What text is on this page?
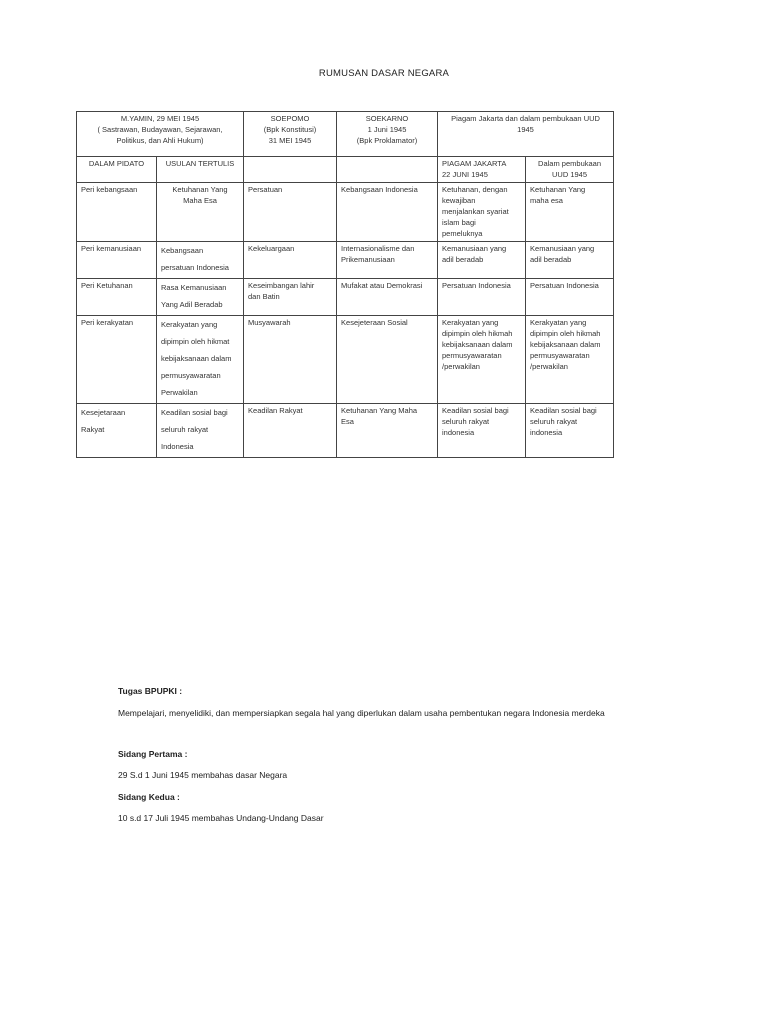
RUMUSAN DASAR NEGARA
M.YAMIN, 29 MEI 1945
( Sastrawan, Budayawan, Sejarawan,
Politikus, dan Ahli Hukum)		SOEPOMO
(Bpk Konstitusi)
31 MEI 1945	SOEKARNO
1 Juni 1945
(Bpk Proklamator)	Piagam Jakarta dan dalam pembukaan UUD
1945	

DALAM PIDATO	USULAN TERTULIS			PIAGAM JAKARTA
22 JUNI 1945	Dalam pembukaan
UUD 1945

Peri kebangsaan	Ketuhanan Yang
Maha Esa	Persatuan	Kebangsaan Indonesia	Ketuhanan, dengan
kewajiban
menjalankan syariat
islam bagi
pemeluknya	Ketuhanan Yang
maha esa

Peri kemanusiaan	Kebangsaan
persatuan Indonesia	Kekeluargaan	Internasionalisme dan
Prikemanusiaan	Kemanusiaan yang
adil beradab	Kemanusiaan yang
adil beradab

Peri Ketuhanan	Rasa Kemanusiaan
Yang Adil Beradab	Keseimbangan lahir
dan Batin	Mufakat atau Demokrasi	Persatuan Indonesia	Persatuan Indonesia

Peri kerakyatan	Kerakyatan yang
dipimpin oleh hikmat
kebijaksanaan dalam
permusyawaratan
Perwakilan	Musyawarah	Kesejeteraan Sosial	Kerakyatan yang
dipimpin oleh hikmah
kebijaksanaan dalam
permusyawaratan
/perwakilan	Kerakyatan yang
dipimpin oleh hikmah
kebijaksanaan dalam
permusyawaratan
/perwakilan

Kesejetaraan
Rakyat	Keadilan sosial bagi
seluruh rakyat
Indonesia	Keadilan Rakyat	Ketuhanan Yang Maha
Esa	Keadilan sosial bagi
seluruh rakyat
indonesia	Keadilan sosial bagi
seluruh rakyat
indonesia
Tugas BPUPKI :
Mempelajari, menyelidiki, dan mempersiapkan segala hal yang diperlukan dalam usaha pembentukan negara Indonesia merdeka
Sidang Pertama :
29 S.d 1 Juni 1945 membahas dasar Negara
Sidang Kedua :
10 s.d 17 Juli 1945 membahas Undang-Undang Dasar
